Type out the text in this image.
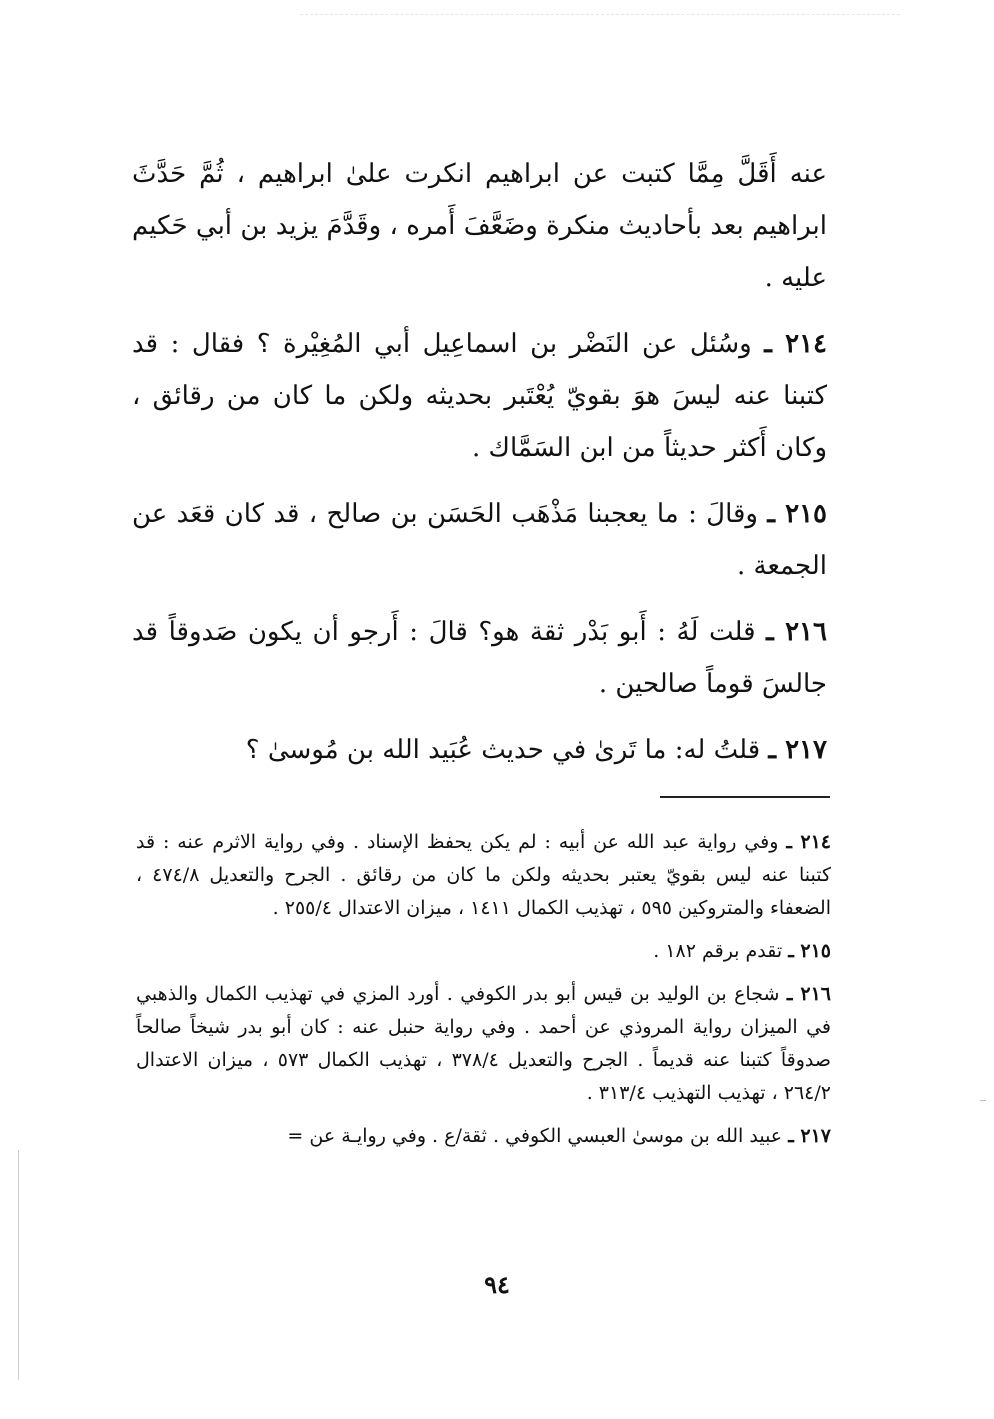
عنه أَقَلَّ مِمَّا كتبت عن ابراهيم انكرت علىٰ ابراهيم ، ثُمَّ حَدَّثَ ابراهيم بعد بأحاديث منكرة وضَعَّفَ أَمره ، وقَدَّمَ يزيد بن أبي حَكيم عليه .

٢١٤ ـ وسُئل عن النَضْر بن اسماعِيل أبي المُغِيْرة ؟ فقال : قد كتبنا عنه ليسَ هوَ بقويّ يُعْتَبر بحديثه ولكن ما كان من رقائق ، وكان أَكثر حديثاً من ابن السَمَّاك .

٢١٥ ـ وقالَ : ما يعجبنا مَذْهَب الحَسَن بن صالح ، قد كان قعَد عن الجمعة .

٢١٦ ـ قلت لَهُ : أَبو بَدْر ثقة هو؟ قالَ : أَرجو أن يكون صَدوقاً قد جالسَ قوماً صالحين .

٢١٧ ـ قلتُ له: ما تَرىٰ في حديث عُبَيد الله بن مُوسىٰ ؟

٢١٤ ـ وفي رواية عبد الله عن أبيه : لم يكن يحفظ الإسناد . وفي رواية الاثرم عنه : قد كتبنا عنه ليس بقويّ يعتبر بحديثه ولكن ما كان من رقائق . الجرح والتعديل ٤٧٤/٨ ، الضعفاء والمتروكين ٥٩٥ ، تهذيب الكمال ١٤١١ ، ميزان الاعتدال ٢٥٥/٤ .

٢١٥ ـ تقدم برقم ١٨٢ .

٢١٦ ـ شجاع بن الوليد بن قيس أبو بدر الكوفي . أورد المزي في تهذيب الكمال والذهبي في الميزان رواية المروذي عن أحمد . وفي رواية حنبل عنه : كان أبو بدر شيخاً صالحاً صدوقاً كتبنا عنه قديماً . الجرح والتعديل ٣٧٨/٤ ، تهذيب الكمال ٥٧٣ ، ميزان الاعتدال ٢٦٤/٢ ، تهذيب التهذيب ٣١٣/٤ .

٢١٧ ـ عبيد الله بن موسىٰ العبسي الكوفي . ثقة/ع . وفي روايـة عن =

٩٤
